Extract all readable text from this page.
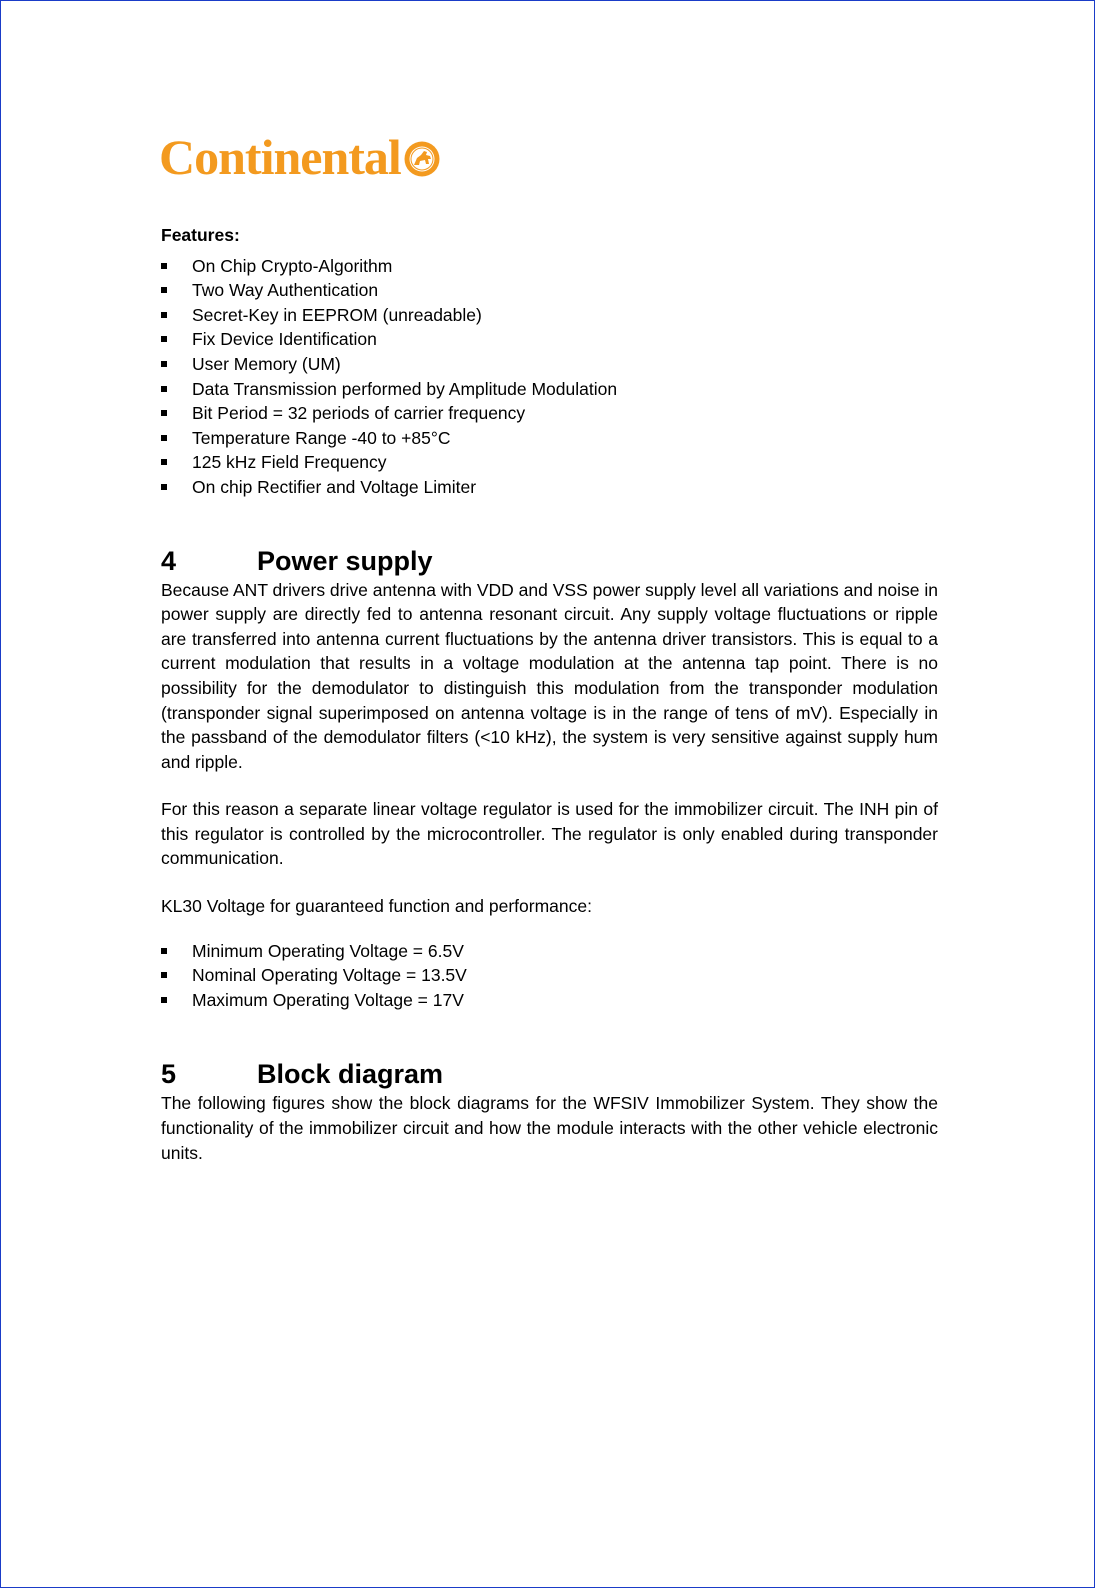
Continental

Features:

On Chip Crypto-Algorithm
Two Way Authentication
Secret-Key in EEPROM (unreadable)
Fix Device Identification
User Memory (UM)
Data Transmission performed by Amplitude Modulation
Bit Period = 32 periods of carrier frequency
Temperature Range -40 to +85°C
125 kHz Field Frequency
On chip Rectifier and Voltage Limiter
4	Power supply

Because ANT drivers drive antenna with VDD and VSS power supply level all variations and noise in power supply are directly fed to antenna resonant circuit. Any supply voltage fluctuations or ripple are transferred into antenna current fluctuations by the antenna driver transistors. This is equal to a current modulation that results in a voltage modulation at the antenna tap point. There is no possibility for the demodulator to distinguish this modulation from the transponder modulation (transponder signal superimposed on antenna voltage is in the range of tens of mV). Especially in the passband of the demodulator filters (<10 kHz), the system is very sensitive against supply hum and ripple.

For this reason a separate linear voltage regulator is used for the immobilizer circuit. The INH pin of this regulator is controlled by the microcontroller. The regulator is only enabled during transponder communication.

KL30 Voltage for guaranteed function and performance:

Minimum Operating Voltage = 6.5V
Nominal Operating Voltage = 13.5V
Maximum Operating Voltage = 17V
5	Block diagram

The following figures show the block diagrams for the WFSIV Immobilizer System. They show the functionality of the immobilizer circuit and how the module interacts with the other vehicle electronic units.
